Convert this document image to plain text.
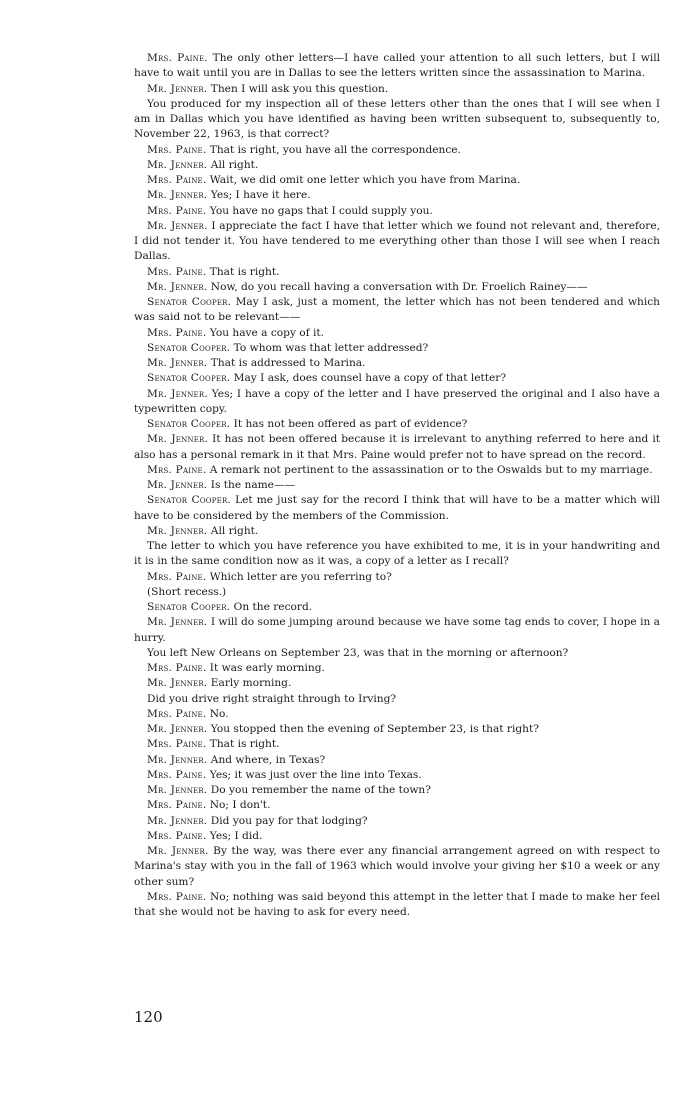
Mrs. Paine. The only other letters—I have called your attention to all such letters, but I will have to wait until you are in Dallas to see the letters written since the assassination to Marina.

Mr. Jenner. Then I will ask you this question.

You produced for my inspection all of these letters other than the ones that I will see when I am in Dallas which you have identified as having been written subsequent to, subsequently to, November 22, 1963, is that correct?

Mrs. Paine. That is right, you have all the correspondence.

Mr. Jenner. All right.

Mrs. Paine. Wait, we did omit one letter which you have from Marina.

Mr. Jenner. Yes; I have it here.

Mrs. Paine. You have no gaps that I could supply you.

Mr. Jenner. I appreciate the fact I have that letter which we found not relevant and, therefore, I did not tender it. You have tendered to me everything other than those I will see when I reach Dallas.

Mrs. Paine. That is right.

Mr. Jenner. Now, do you recall having a conversation with Dr. Froelich Rainey——

Senator Cooper. May I ask, just a moment, the letter which has not been tendered and which was said not to be relevant——

Mrs. Paine. You have a copy of it.

Senator Cooper. To whom was that letter addressed?

Mr. Jenner. That is addressed to Marina.

Senator Cooper. May I ask, does counsel have a copy of that letter?

Mr. Jenner. Yes; I have a copy of the letter and I have preserved the original and I also have a typewritten copy.

Senator Cooper. It has not been offered as part of evidence?

Mr. Jenner. It has not been offered because it is irrelevant to anything referred to here and it also has a personal remark in it that Mrs. Paine would prefer not to have spread on the record.

Mrs. Paine. A remark not pertinent to the assassination or to the Oswalds but to my marriage.

Mr. Jenner. Is the name——

Senator Cooper. Let me just say for the record I think that will have to be a matter which will have to be considered by the members of the Commission.

Mr. Jenner. All right.

The letter to which you have reference you have exhibited to me, it is in your handwriting and it is in the same condition now as it was, a copy of a letter as I recall?

Mrs. Paine. Which letter are you referring to?

(Short recess.)

Senator Cooper. On the record.

Mr. Jenner. I will do some jumping around because we have some tag ends to cover, I hope in a hurry.

You left New Orleans on September 23, was that in the morning or afternoon?

Mrs. Paine. It was early morning.

Mr. Jenner. Early morning.

Did you drive right straight through to Irving?

Mrs. Paine. No.

Mr. Jenner. You stopped then the evening of September 23, is that right?

Mrs. Paine. That is right.

Mr. Jenner. And where, in Texas?

Mrs. Paine. Yes; it was just over the line into Texas.

Mr. Jenner. Do you remember the name of the town?

Mrs. Paine. No; I don't.

Mr. Jenner. Did you pay for that lodging?

Mrs. Paine. Yes; I did.

Mr. Jenner. By the way, was there ever any financial arrangement agreed on with respect to Marina's stay with you in the fall of 1963 which would involve your giving her $10 a week or any other sum?

Mrs. Paine. No; nothing was said beyond this attempt in the letter that I made to make her feel that she would not be having to ask for every need.

120
